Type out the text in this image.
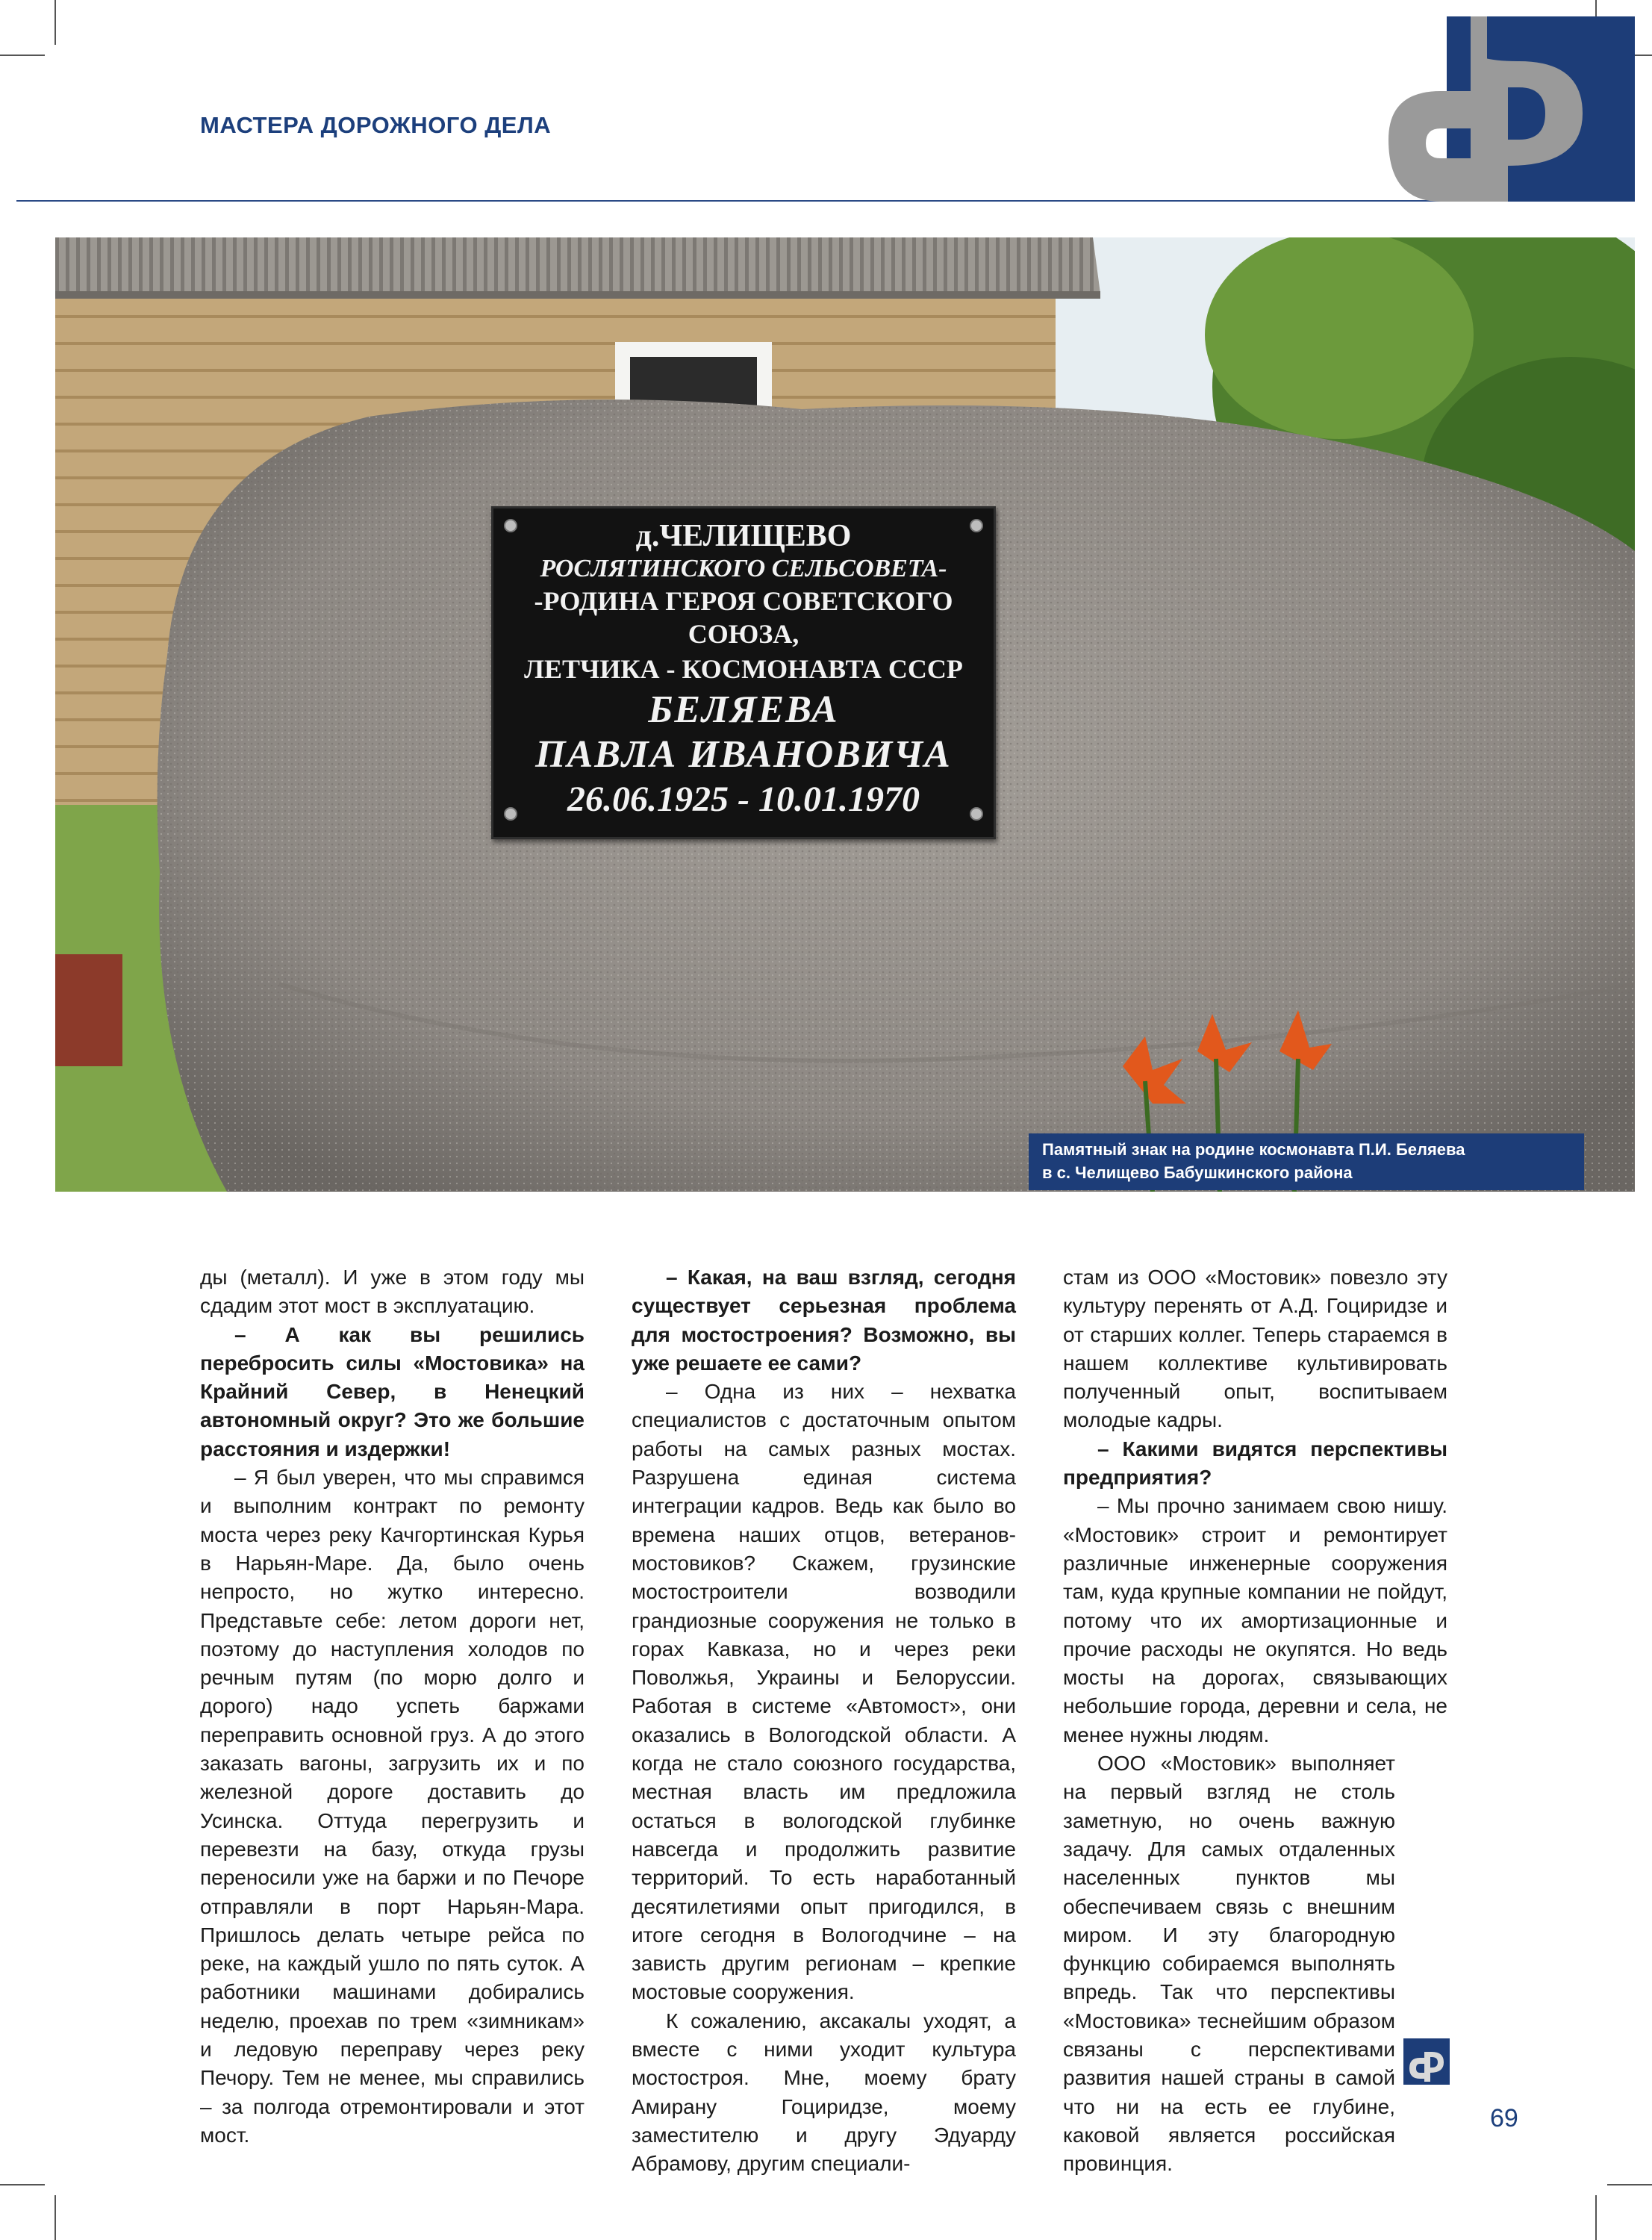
МАСТЕРА ДОРОЖНОГО ДЕЛА
д.ЧЕЛИЩЕВО
РОСЛЯТИНСКОГО СЕЛЬСОВЕТА-
-РОДИНА ГЕРОЯ СОВЕТСКОГО
СОЮЗА,
ЛЕТЧИКА - КОСМОНАВТА СССР
БЕЛЯЕВА
ПАВЛА ИВАНОВИЧА
26.06.1925 - 10.01.1970
Памятный знак на родине космонавта П.И. Беляева
в с. Челищево Бабушкинского района

ды (металл). И уже в этом году мы сдадим этот мост в эксплуатацию.

– А как вы решились перебросить силы «Мостовика» на Крайний Север, в Ненецкий автономный округ? Это же большие расстояния и издержки!

– Я был уверен, что мы справимся и выполним контракт по ремонту моста через реку Качгортинская Курья в Нарьян-Маре. Да, было очень непросто, но жутко интересно. Представьте себе: летом дороги нет, поэтому до наступления холодов по речным путям (по морю долго и дорого) надо успеть баржами переправить основной груз. А до этого заказать вагоны, загрузить их и по железной дороге доставить до Усинска. Оттуда перегрузить и перевезти на базу, откуда грузы переносили уже на баржи и по Печоре отправляли в порт Нарьян-Мара. Пришлось делать четыре рейса по реке, на каждый ушло по пять суток. А работники машинами добирались неделю, проехав по трем «зимникам» и ледовую переправу через реку Печору. Тем не менее, мы справились – за полгода отремонтировали и этот мост.

– Какая, на ваш взгляд, сегодня существует серьезная проблема для мостостроения? Возможно, вы уже решаете ее сами?

– Одна из них – нехватка специалистов с достаточным опытом работы на самых разных мостах. Разрушена единая система интеграции кадров. Ведь как было во времена наших отцов, ветеранов-мостовиков? Скажем, грузинские мостостроители возводили грандиозные сооружения не только в горах Кавказа, но и через реки Поволжья, Украины и Белоруссии. Работая в системе «Автомост», они оказались в Вологодской области. А когда не стало союзного государства, местная власть им предложила остаться в вологодской глубинке навсегда и продолжить развитие территорий. То есть наработанный десятилетиями опыт пригодился, в итоге сегодня в Вологодчине – на зависть другим регионам – крепкие мостовые сооружения.

К сожалению, аксакалы уходят, а вместе с ними уходит культура мостостроя. Мне, моему брату Амирану Гоциридзе, моему заместителю и другу Эдуарду Абрамову, другим специали-

стам из ООО «Мостовик» повезло эту культуру перенять от А.Д. Гоциридзе и от старших коллег. Теперь стараемся в нашем коллективе культивировать полученный опыт, воспитываем молодые кадры.

– Какими видятся перспективы предприятия?

– Мы прочно занимаем свою нишу. «Мостовик» строит и ремонтирует различные инженерные сооружения там, куда крупные компании не пойдут, потому что их амортизационные и прочие расходы не окупятся. Но ведь мосты на дорогах, связывающих небольшие города, деревни и села, не менее нужны людям.

ООО «Мостовик» выполняет на первый взгляд не столь заметную, но очень важную задачу. Для самых отдаленных населенных пунктов мы обеспечиваем связь с внешним миром. И эту благородную функцию собираемся выполнять впредь. Так что перспективы «Мостовика» теснейшим образом связаны с перспективами развития нашей страны в самой что ни на есть ее глубине, каковой является российская провинция.

69
